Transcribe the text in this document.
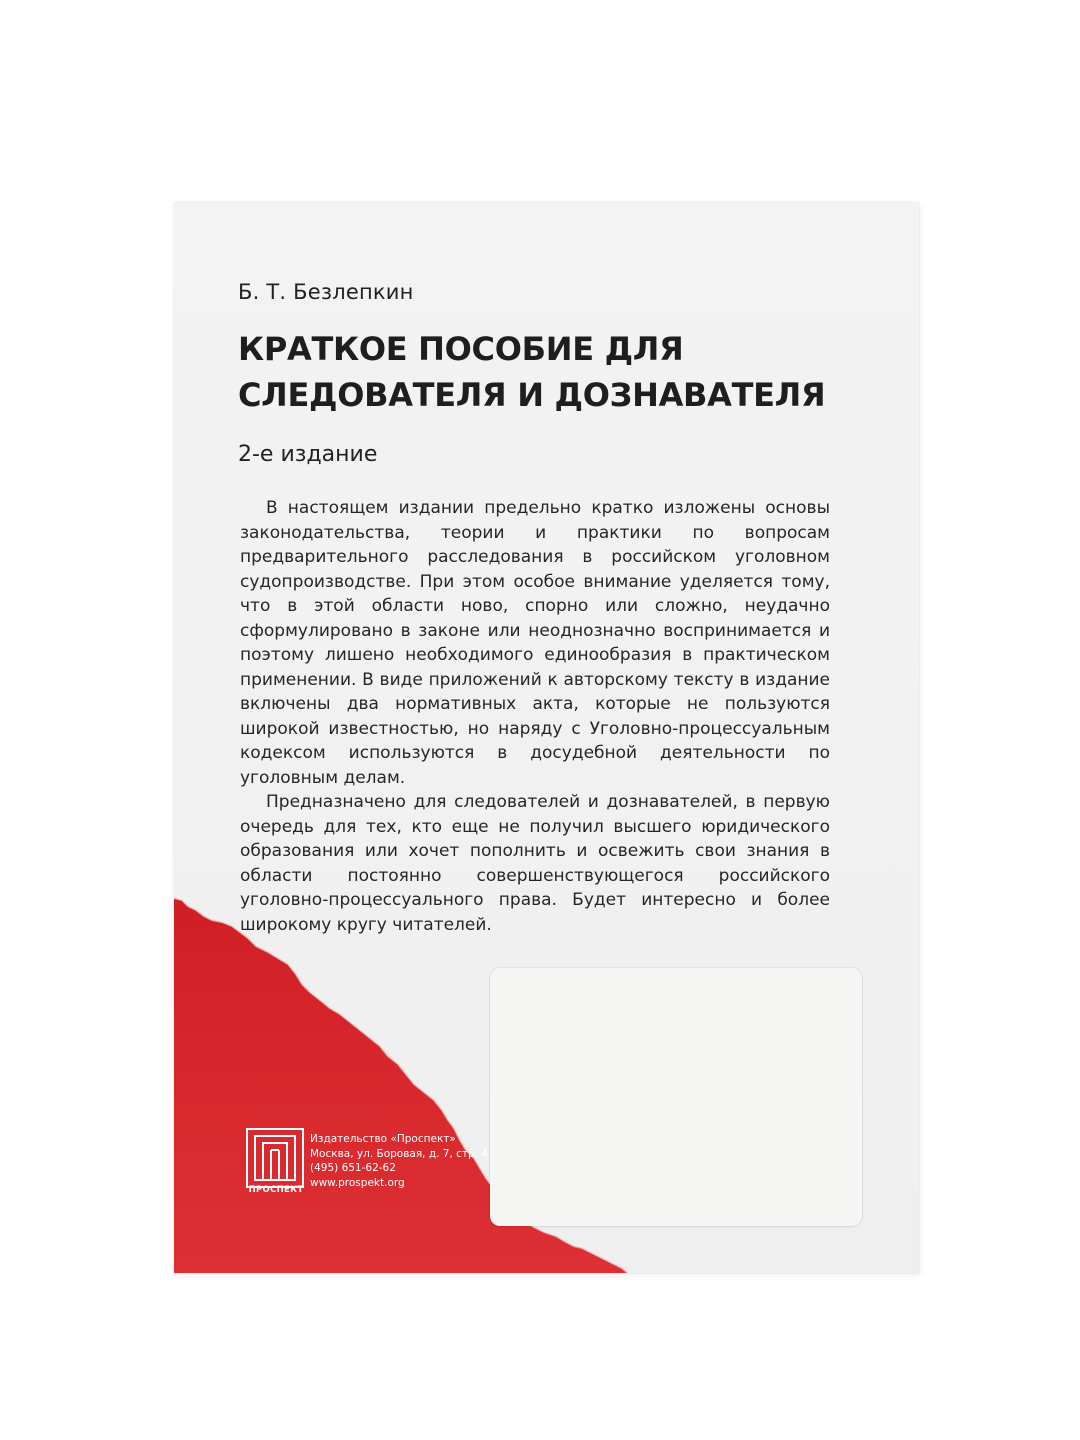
Б. Т. Безлепкин
КРАТКОЕ ПОСОБИЕ ДЛЯ
СЛЕДОВАТЕЛЯ И ДОЗНАВАТЕЛЯ
2-е издание

В настоящем издании предельно кратко изложены основы законодательства, теории и практики по вопросам предварительного расследования в российском уголовном судопроизводстве. При этом особое внимание уделяется тому, что в этой области ново, спорно или сложно, неудачно сформулировано в законе или неоднозначно воспринимается и поэтому лишено необходимого единообразия в практическом применении. В виде приложений к авторскому тексту в издание включены два нормативных акта, которые не пользуются широкой известностью, но наряду с Уголовно-процессуальным кодексом используются в досудебной деятельности по уголовным делам.

Предназначено для следователей и дознавателей, в первую очередь для тех, кто еще не получил высшего юридического образования или хочет пополнить и освежить свои знания в области постоянно совершенствующегося российского уголовно-процессуального права. Будет интересно и более широкому кругу читателей.

ПРОСПЕКТ
Издательство «Проспект»
Москва, ул. Боровая, д. 7, стр. 4
(495) 651-62-62
www.prospekt.org
